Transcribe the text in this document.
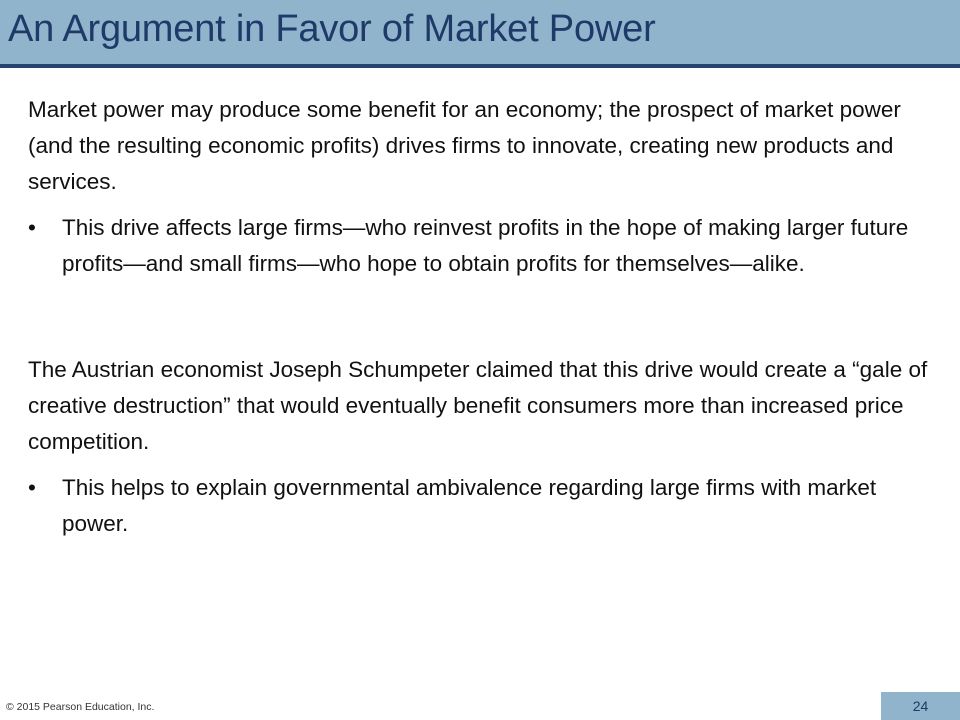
An Argument in Favor of Market Power

Market power may produce some benefit for an economy; the prospect of market power (and the resulting economic profits) drives firms to innovate, creating new products and services.

• This drive affects large firms—who reinvest profits in the hope of making larger future profits—and small firms—who hope to obtain profits for themselves—alike.

The Austrian economist Joseph Schumpeter claimed that this drive would create a “gale of creative destruction” that would eventually benefit consumers more than increased price competition.

• This helps to explain governmental ambivalence regarding large firms with market power.

© 2015 Pearson Education, Inc.	24
